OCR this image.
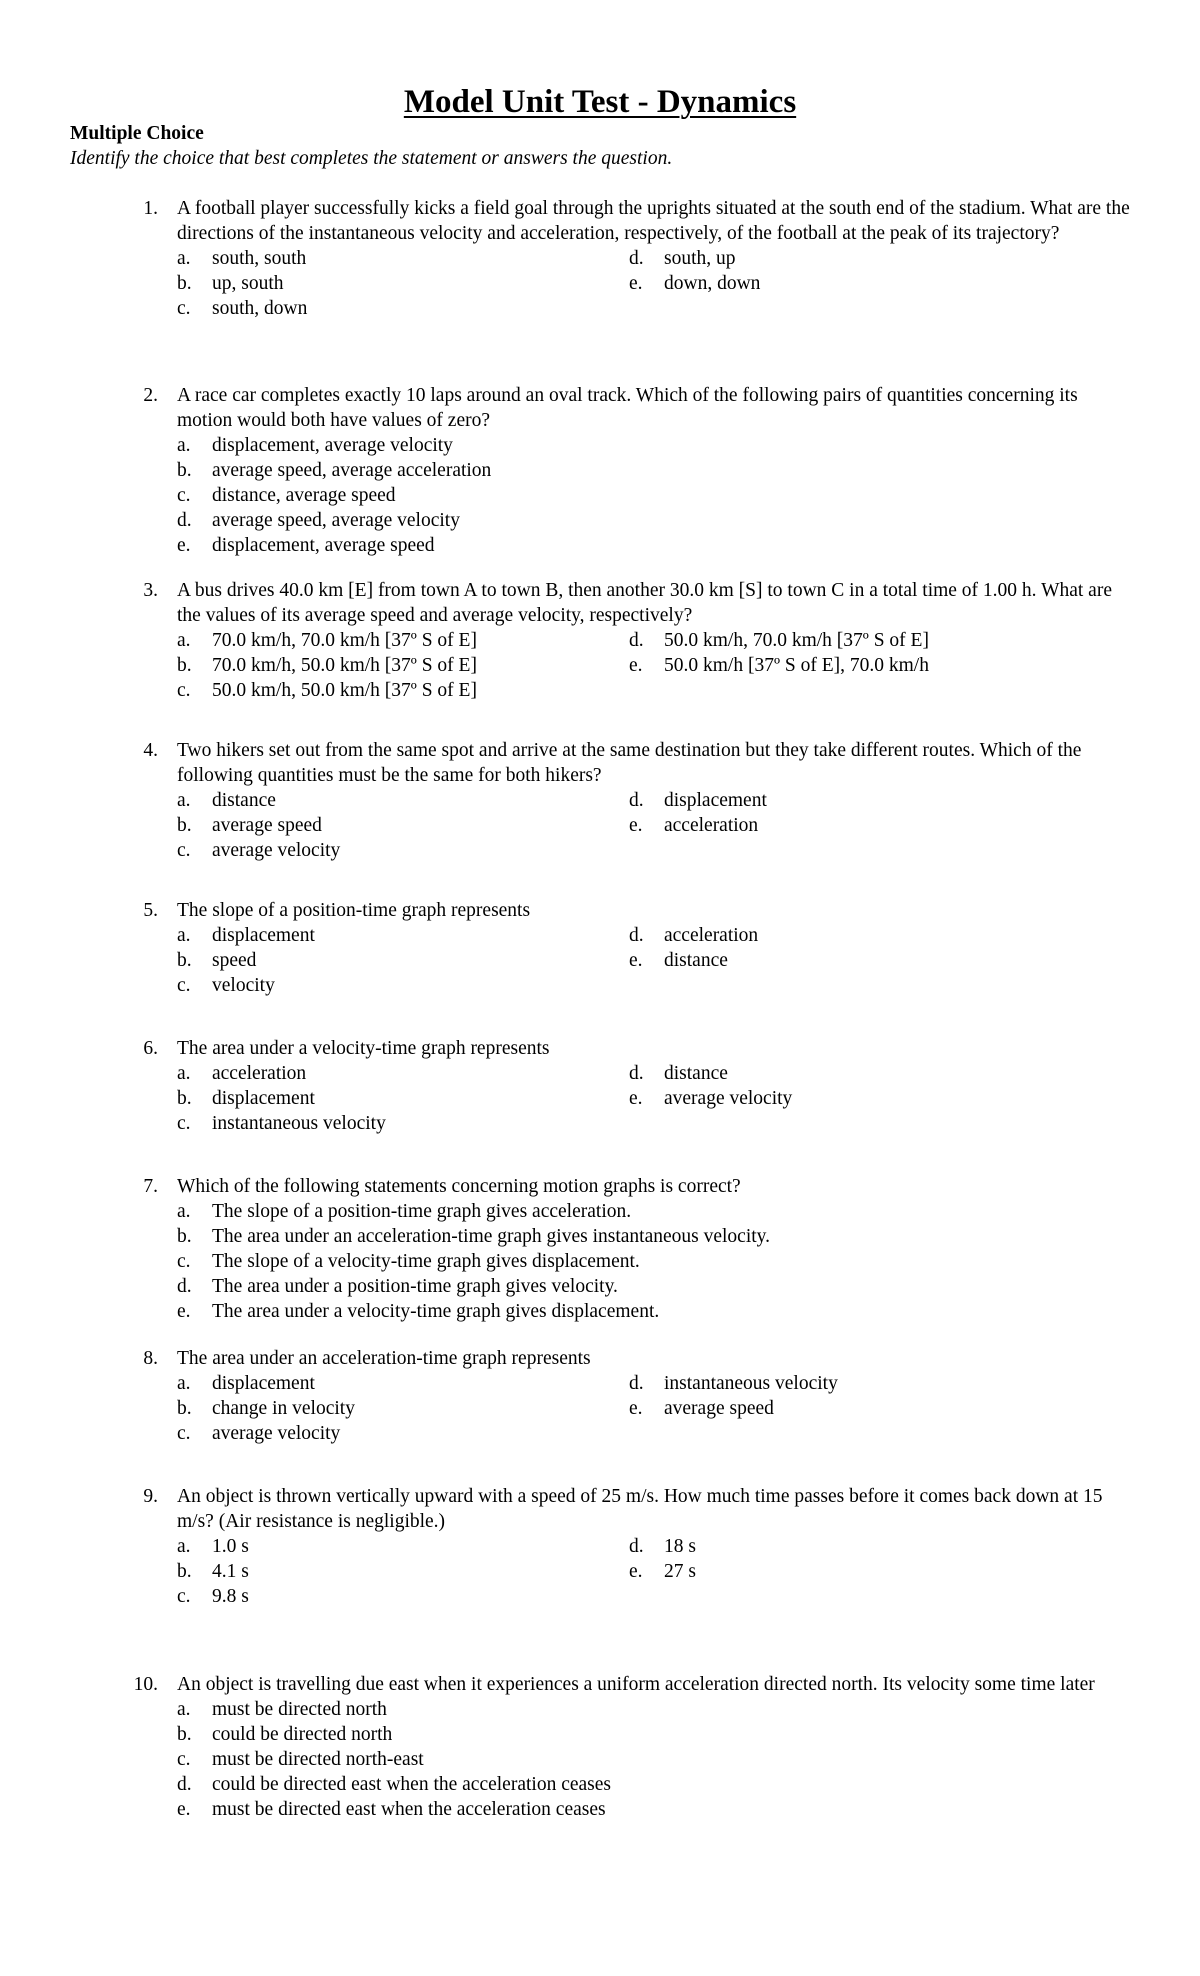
Model Unit Test - Dynamics
Multiple Choice
Identify the choice that best completes the statement or answers the question.
1. A football player successfully kicks a field goal through the uprights situated at the south end of the stadium. What are the directions of the instantaneous velocity and acceleration, respectively, of the football at the peak of its trajectory?
a. south, south
b. up, south
c. south, down
d. south, up
e. down, down
2. A race car completes exactly 10 laps around an oval track. Which of the following pairs of quantities concerning its motion would both have values of zero?
a. displacement, average velocity
b. average speed, average acceleration
c. distance, average speed
d. average speed, average velocity
e. displacement, average speed
3. A bus drives 40.0 km [E] from town A to town B, then another 30.0 km [S] to town C in a total time of 1.00 h. What are the values of its average speed and average velocity, respectively?
a. 70.0 km/h, 70.0 km/h [37º S of E]
b. 70.0 km/h, 50.0 km/h [37º S of E]
c. 50.0 km/h, 50.0 km/h [37º S of E]
d. 50.0 km/h, 70.0 km/h [37º S of E]
e. 50.0 km/h [37º S of E], 70.0 km/h
4. Two hikers set out from the same spot and arrive at the same destination but they take different routes. Which of the following quantities must be the same for both hikers?
a. distance
b. average speed
c. average velocity
d. displacement
e. acceleration
5. The slope of a position-time graph represents
a. displacement
b. speed
c. velocity
d. acceleration
e. distance
6. The area under a velocity-time graph represents
a. acceleration
b. displacement
c. instantaneous velocity
d. distance
e. average velocity
7. Which of the following statements concerning motion graphs is correct?
a. The slope of a position-time graph gives acceleration.
b. The area under an acceleration-time graph gives instantaneous velocity.
c. The slope of a velocity-time graph gives displacement.
d. The area under a position-time graph gives velocity.
e. The area under a velocity-time graph gives displacement.
8. The area under an acceleration-time graph represents
a. displacement
b. change in velocity
c. average velocity
d. instantaneous velocity
e. average speed
9. An object is thrown vertically upward with a speed of 25 m/s. How much time passes before it comes back down at 15 m/s? (Air resistance is negligible.)
a. 1.0 s
b. 4.1 s
c. 9.8 s
d. 18 s
e. 27 s
10. An object is travelling due east when it experiences a uniform acceleration directed north. Its velocity some time later
a. must be directed north
b. could be directed north
c. must be directed north-east
d. could be directed east when the acceleration ceases
e. must be directed east when the acceleration ceases
